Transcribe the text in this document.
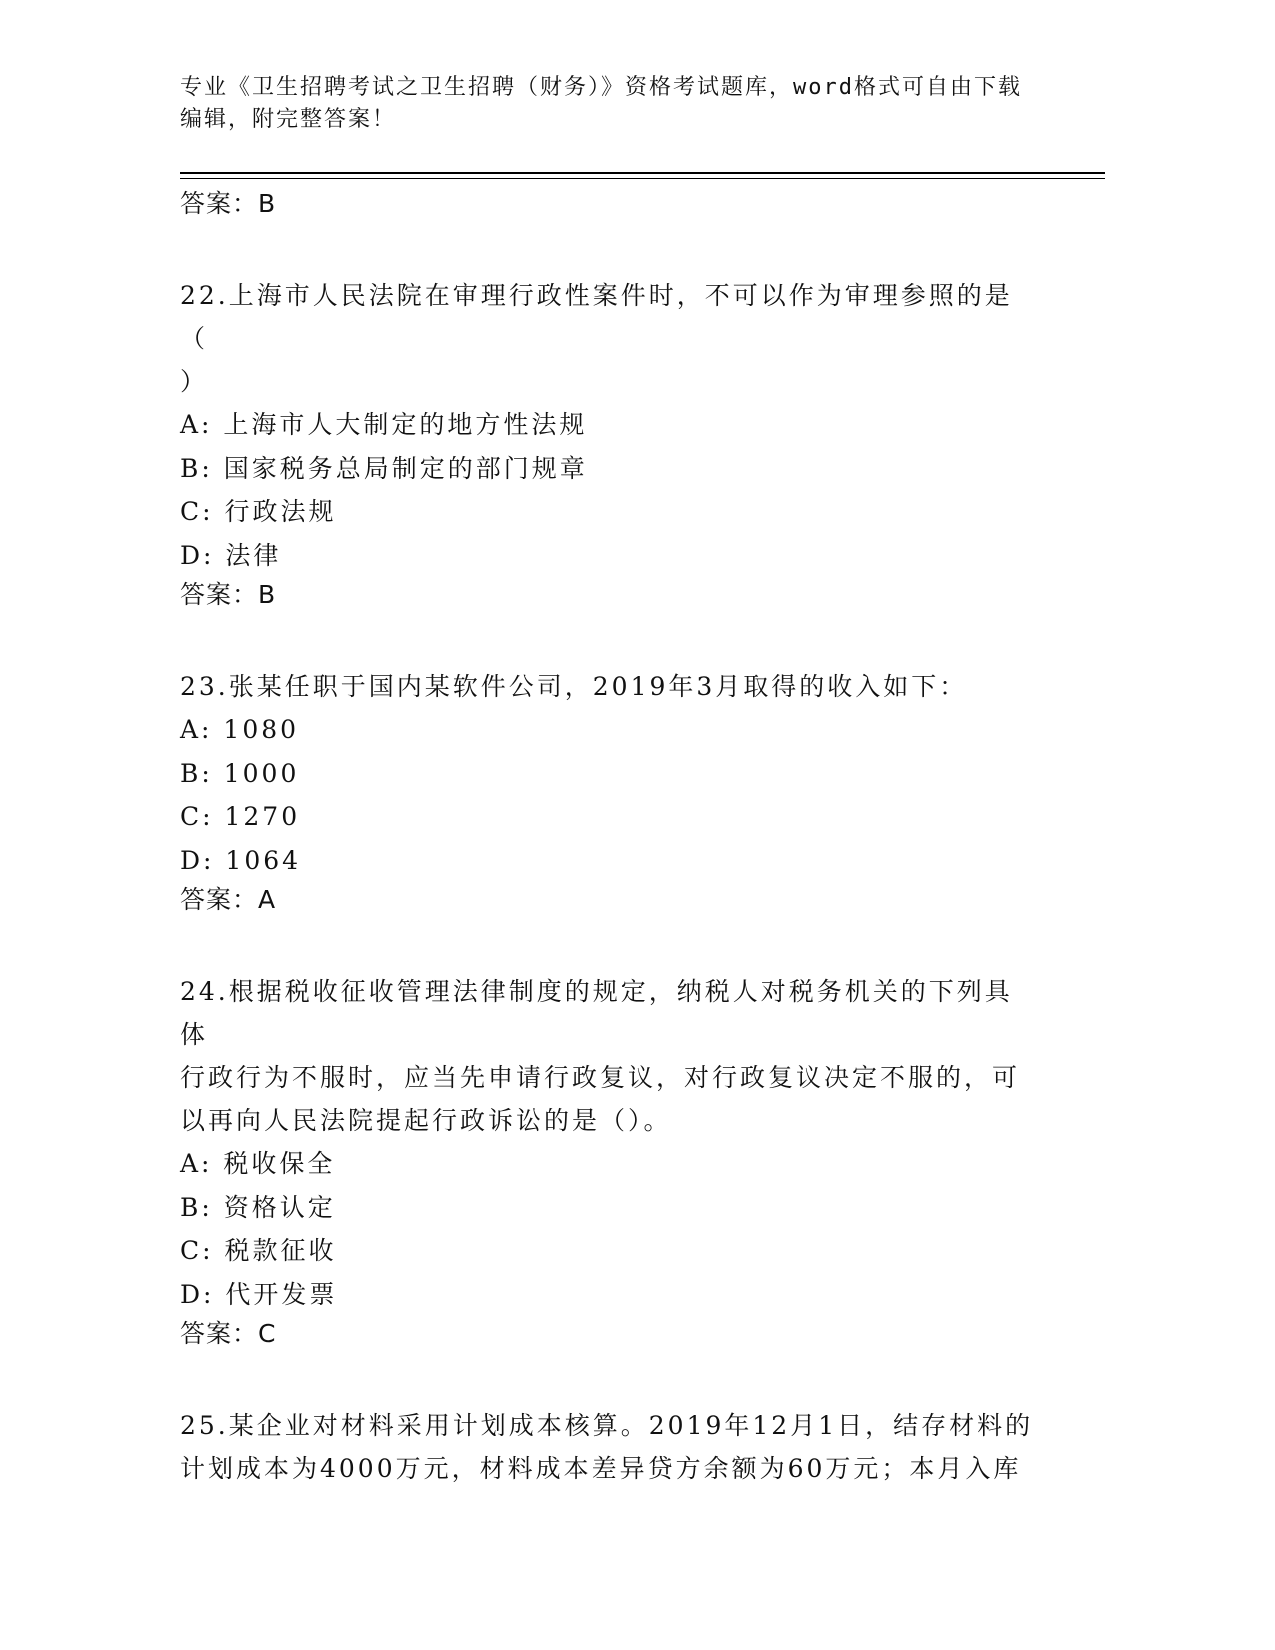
专业《卫生招聘考试之卫生招聘（财务）》资格考试题库，word格式可自由下载
编辑，附完整答案！
答案：B
22.上海市人民法院在审理行政性案件时，不可以作为审理参照的是（
）
A: 上海市人大制定的地方性法规
B: 国家税务总局制定的部门规章
C: 行政法规
D: 法律
答案：B
23.张某任职于国内某软件公司，2019年3月取得的收入如下：
A: 1080
B: 1000
C: 1270
D: 1064
答案：A
24.根据税收征收管理法律制度的规定，纳税人对税务机关的下列具体
行政行为不服时，应当先申请行政复议，对行政复议决定不服的，可
以再向人民法院提起行政诉讼的是（）。
A: 税收保全
B: 资格认定
C: 税款征收
D: 代开发票
答案：C
25.某企业对材料采用计划成本核算。2019年12月1日，结存材料的
计划成本为4000万元，材料成本差异贷方余额为60万元；本月入库
